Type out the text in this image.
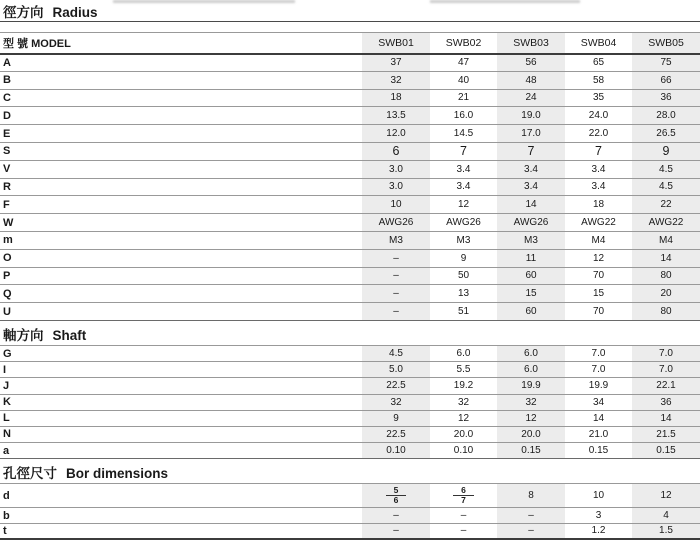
徑方向 Radius
型 號 MODEL	SWB01	SWB02	SWB03	SWB04	SWB05
A	37	47	56	65	75
B	32	40	48	58	66
C	18	21	24	35	36
D	13.5	16.0	19.0	24.0	28.0
E	12.0	14.5	17.0	22.0	26.5
S	6	7	7	7	9
V	3.0	3.4	3.4	3.4	4.5
R	3.0	3.4	3.4	3.4	4.5
F	10	12	14	18	22
W	AWG26	AWG26	AWG26	AWG22	AWG22
m	M3	M3	M3	M4	M4
O	–	9	11	12	14
P	–	50	60	70	80
Q	–	13	15	15	20
U	–	51	60	70	80
軸方向 Shaft
G	4.5	6.0	6.0	7.0	7.0
I	5.0	5.5	6.0	7.0	7.0
J	22.5	19.2	19.9	19.9	22.1
K	32	32	32	34	36
L	9	12	12	14	14
N	22.5	20.0	20.0	21.0	21.5
a	0.10	0.10	0.15	0.15	0.15
孔徑尺寸 Bor dimensions
d	$\frac{5}{6}$	$\frac{6}{7}$	8	10	12
b	–	–	–	3	4
t	–	–	–	1.2	1.5
